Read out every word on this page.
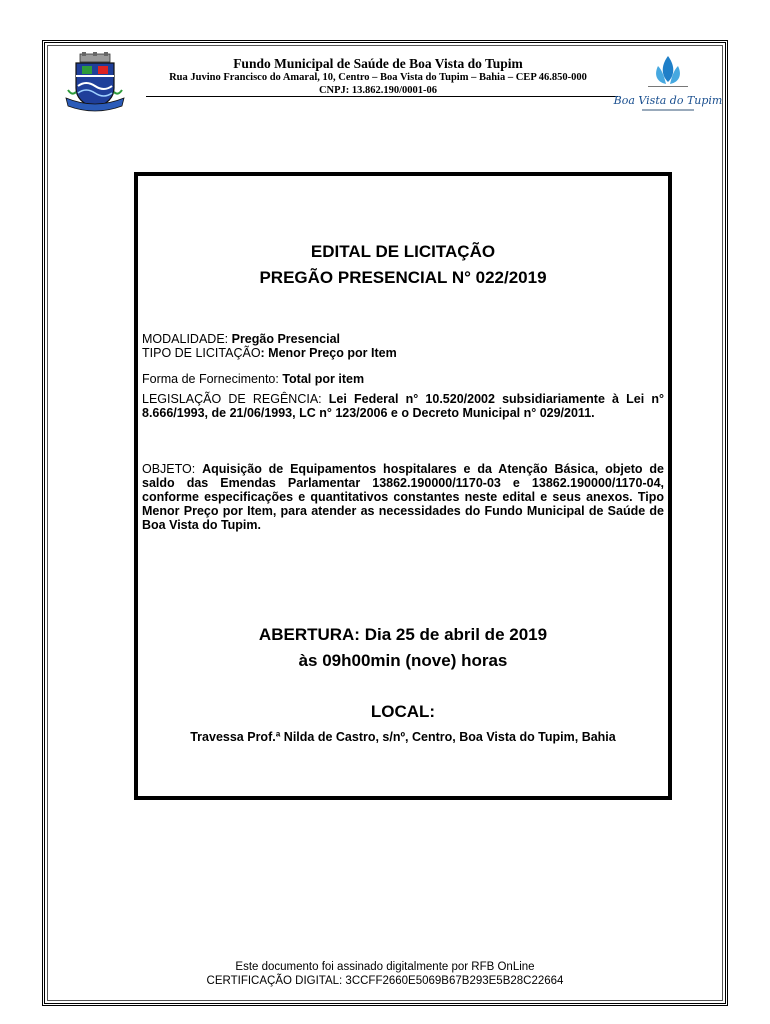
Fundo Municipal de Saúde de Boa Vista do Tupim
Rua Juvino Francisco do Amaral, 10, Centro – Boa Vista do Tupim – Bahia – CEP 46.850-000
CNPJ: 13.862.190/0001-06
Boa Vista do Tupim
EDITAL DE LICITAÇÃO
PREGÃO PRESENCIAL N° 022/2019
MODALIDADE: Pregão Presencial
TIPO DE LICITAÇÃO: Menor Preço por Item
Forma de Fornecimento: Total por item
LEGISLAÇÃO DE REGÊNCIA: Lei Federal n° 10.520/2002 subsidiariamente à Lei n° 8.666/1993, de 21/06/1993, LC n° 123/2006 e o Decreto Municipal n° 029/2011.
OBJETO: Aquisição de Equipamentos hospitalares e da Atenção Básica, objeto de saldo das Emendas Parlamentar 13862.190000/1170-03 e 13862.190000/1170-04, conforme especificações e quantitativos constantes neste edital e seus anexos. Tipo Menor Preço por Item, para atender as necessidades do Fundo Municipal de Saúde de Boa Vista do Tupim.
ABERTURA: Dia 25 de abril de 2019
às 09h00min (nove) horas
LOCAL:
Travessa Prof.ª Nilda de Castro, s/nº, Centro, Boa Vista do Tupim, Bahia
Este documento foi assinado digitalmente por RFB OnLine
CERTIFICAÇÃO DIGITAL: 3CCFF2660E5069B67B293E5B28C22664
